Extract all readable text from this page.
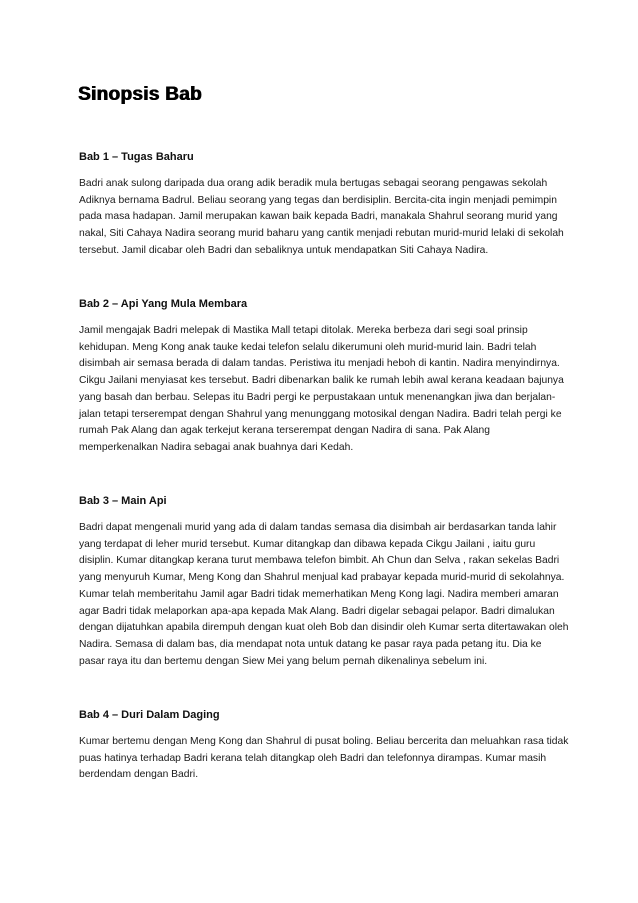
Sinopsis Bab
Bab 1 – Tugas Baharu

Badri anak sulong daripada dua orang adik beradik mula bertugas sebagai seorang pengawas sekolah Adiknya bernama Badrul. Beliau seorang yang tegas dan berdisiplin. Bercita-cita ingin menjadi pemimpin pada masa hadapan. Jamil merupakan kawan baik kepada Badri, manakala Shahrul seorang murid yang nakal, Siti Cahaya Nadira seorang murid baharu yang cantik menjadi rebutan murid-murid lelaki di sekolah tersebut. Jamil dicabar oleh Badri dan sebaliknya untuk mendapatkan Siti Cahaya Nadira.

Bab 2 – Api Yang Mula Membara

Jamil mengajak Badri melepak di Mastika Mall tetapi ditolak. Mereka berbeza dari segi soal prinsip kehidupan. Meng Kong anak tauke kedai telefon selalu dikerumuni oleh murid-murid lain. Badri telah disimbah air semasa berada di dalam tandas. Peristiwa itu menjadi heboh di kantin. Nadira menyindirnya. Cikgu Jailani menyiasat kes tersebut. Badri dibenarkan balik ke rumah lebih awal kerana keadaan bajunya yang basah dan berbau. Selepas itu Badri pergi ke perpustakaan untuk menenangkan jiwa dan berjalan-jalan tetapi terserempat dengan Shahrul yang menunggang motosikal dengan Nadira. Badri telah pergi ke rumah Pak Alang dan agak terkejut kerana terserempat dengan Nadira di sana. Pak Alang memperkenalkan Nadira sebagai anak buahnya dari Kedah.

Bab 3 – Main Api

Badri dapat mengenali murid yang ada di dalam tandas semasa dia disimbah air berdasarkan tanda lahir yang terdapat di leher murid tersebut. Kumar ditangkap dan dibawa kepada Cikgu Jailani , iaitu guru disiplin. Kumar ditangkap kerana turut membawa telefon bimbit. Ah Chun dan Selva , rakan sekelas Badri yang menyuruh Kumar, Meng Kong dan Shahrul menjual kad prabayar kepada murid-murid di sekolahnya. Kumar telah memberitahu Jamil agar Badri tidak memerhatikan Meng Kong lagi. Nadira memberi amaran agar Badri tidak melaporkan apa-apa kepada Mak Alang. Badri digelar sebagai pelapor. Badri dimalukan dengan dijatuhkan apabila dirempuh dengan kuat oleh Bob dan disindir oleh Kumar serta ditertawakan oleh Nadira. Semasa di dalam bas, dia mendapat nota untuk datang ke pasar raya pada petang itu. Dia ke pasar raya itu dan bertemu dengan Siew Mei yang belum pernah dikenalinya sebelum ini.

Bab 4 – Duri Dalam Daging

Kumar bertemu dengan Meng Kong dan Shahrul di pusat boling. Beliau bercerita dan meluahkan rasa tidak puas hatinya terhadap Badri kerana telah ditangkap oleh Badri dan telefonnya dirampas. Kumar masih berdendam dengan Badri.
